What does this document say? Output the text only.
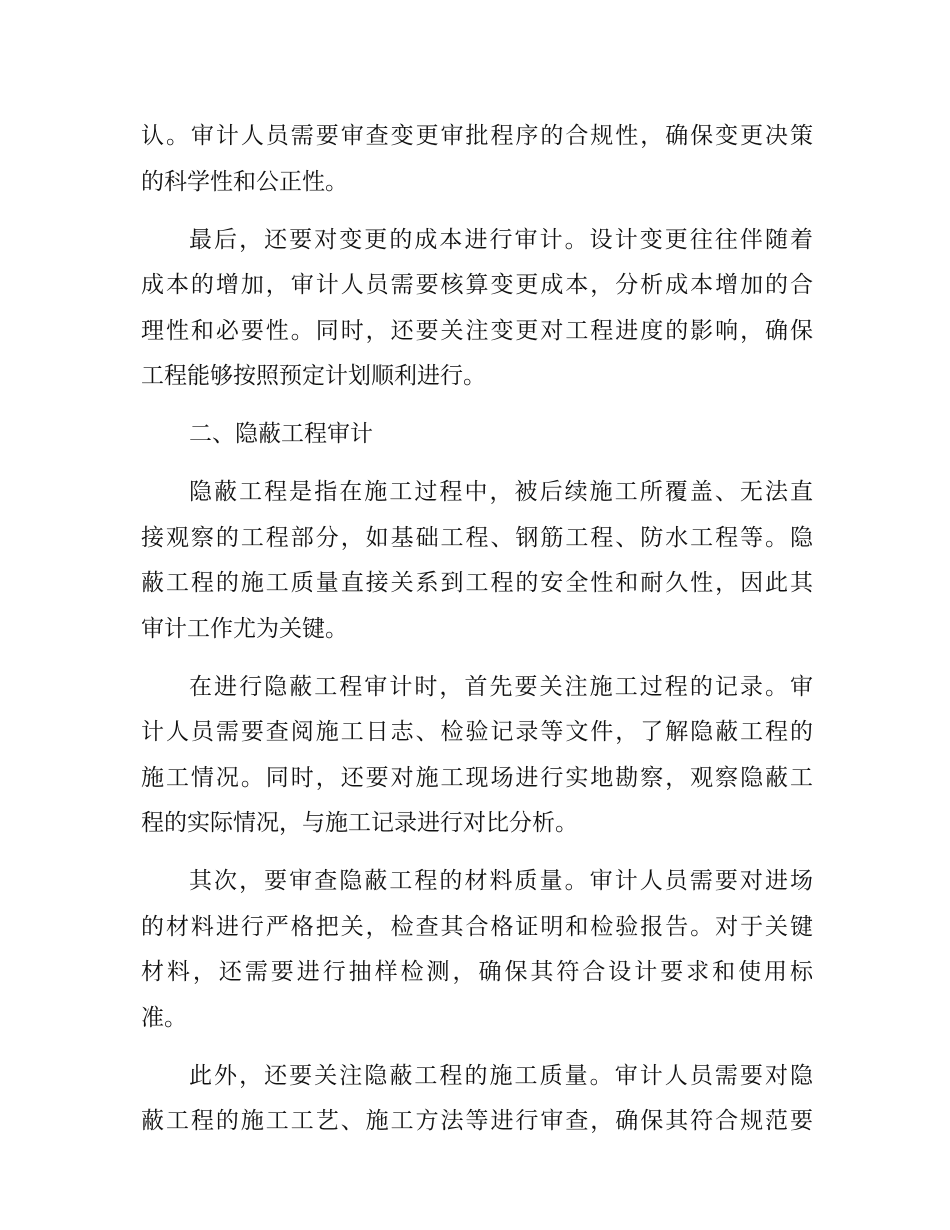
认。审计人员需要审查变更审批程序的合规性，确保变更决策
的科学性和公正性。
最后，还要对变更的成本进行审计。设计变更往往伴随着
成本的增加，审计人员需要核算变更成本，分析成本增加的合
理性和必要性。同时，还要关注变更对工程进度的影响，确保
工程能够按照预定计划顺利进行。
二、隐蔽工程审计
隐蔽工程是指在施工过程中，被后续施工所覆盖、无法直
接观察的工程部分，如基础工程、钢筋工程、防水工程等。隐
蔽工程的施工质量直接关系到工程的安全性和耐久性，因此其
审计工作尤为关键。
在进行隐蔽工程审计时，首先要关注施工过程的记录。审
计人员需要查阅施工日志、检验记录等文件，了解隐蔽工程的
施工情况。同时，还要对施工现场进行实地勘察，观察隐蔽工
程的实际情况，与施工记录进行对比分析。
其次，要审查隐蔽工程的材料质量。审计人员需要对进场
的材料进行严格把关，检查其合格证明和检验报告。对于关键
材料，还需要进行抽样检测，确保其符合设计要求和使用标
准。
此外，还要关注隐蔽工程的施工质量。审计人员需要对隐
蔽工程的施工工艺、施工方法等进行审查，确保其符合规范要
